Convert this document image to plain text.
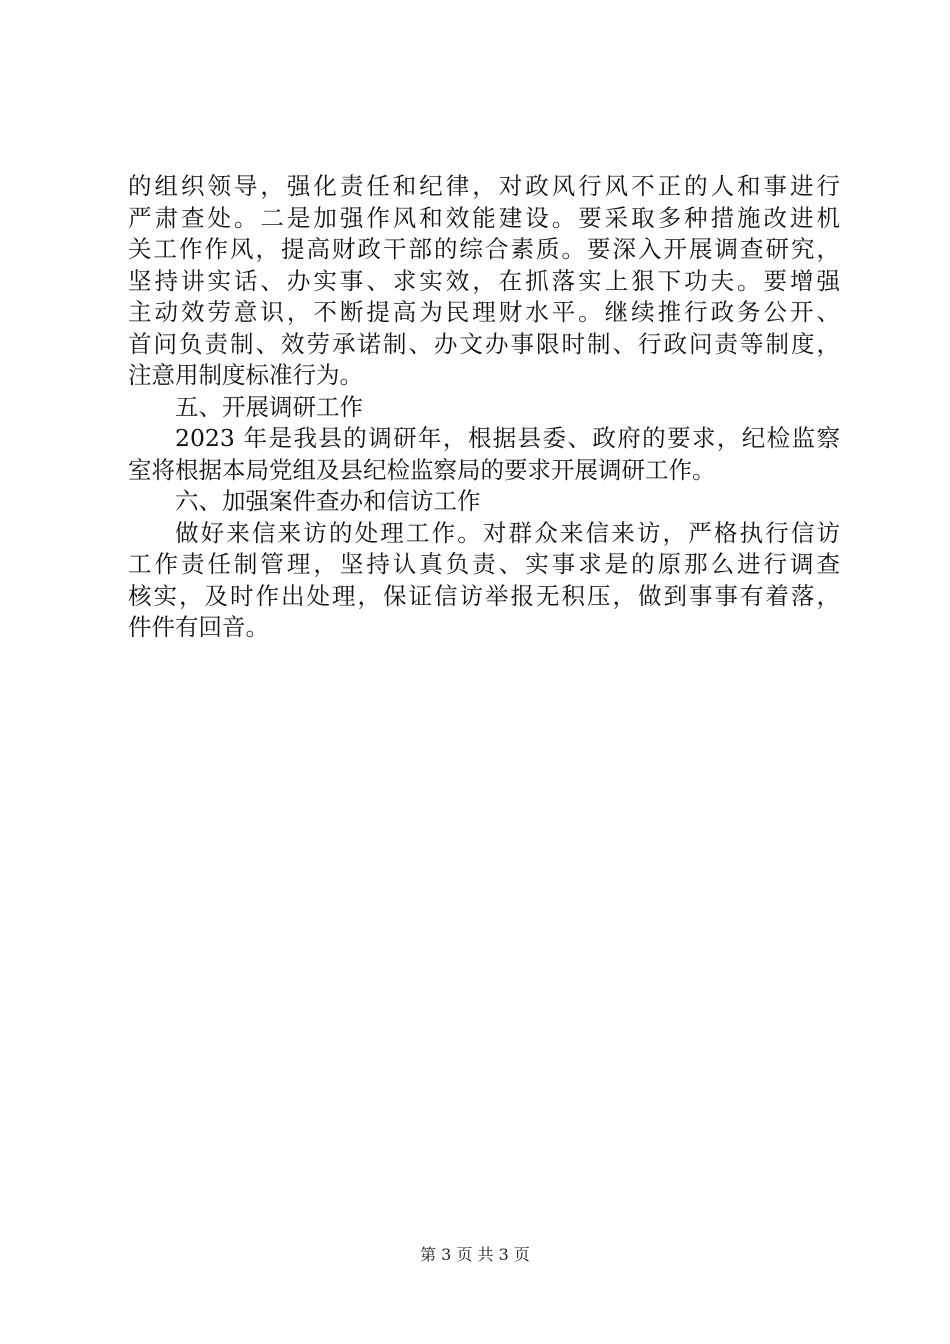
的组织领导，强化责任和纪律，对政风行风不正的人和事进行
严肃查处。二是加强作风和效能建设。要采取多种措施改进机
关工作作风，提高财政干部的综合素质。要深入开展调查研究，
坚持讲实话、办实事、求实效，在抓落实上狠下功夫。要增强
主动效劳意识，不断提高为民理财水平。继续推行政务公开、
首问负责制、效劳承诺制、办文办事限时制、行政问责等制度，
注意用制度标准行为。
五、开展调研工作
2023 年是我县的调研年，根据县委、政府的要求，纪检监察
室将根据本局党组及县纪检监察局的要求开展调研工作。
六、加强案件查办和信访工作
做好来信来访的处理工作。对群众来信来访，严格执行信访
工作责任制管理，坚持认真负责、实事求是的原那么进行调查
核实，及时作出处理，保证信访举报无积压，做到事事有着落，
件件有回音。
第 3 页 共 3 页
